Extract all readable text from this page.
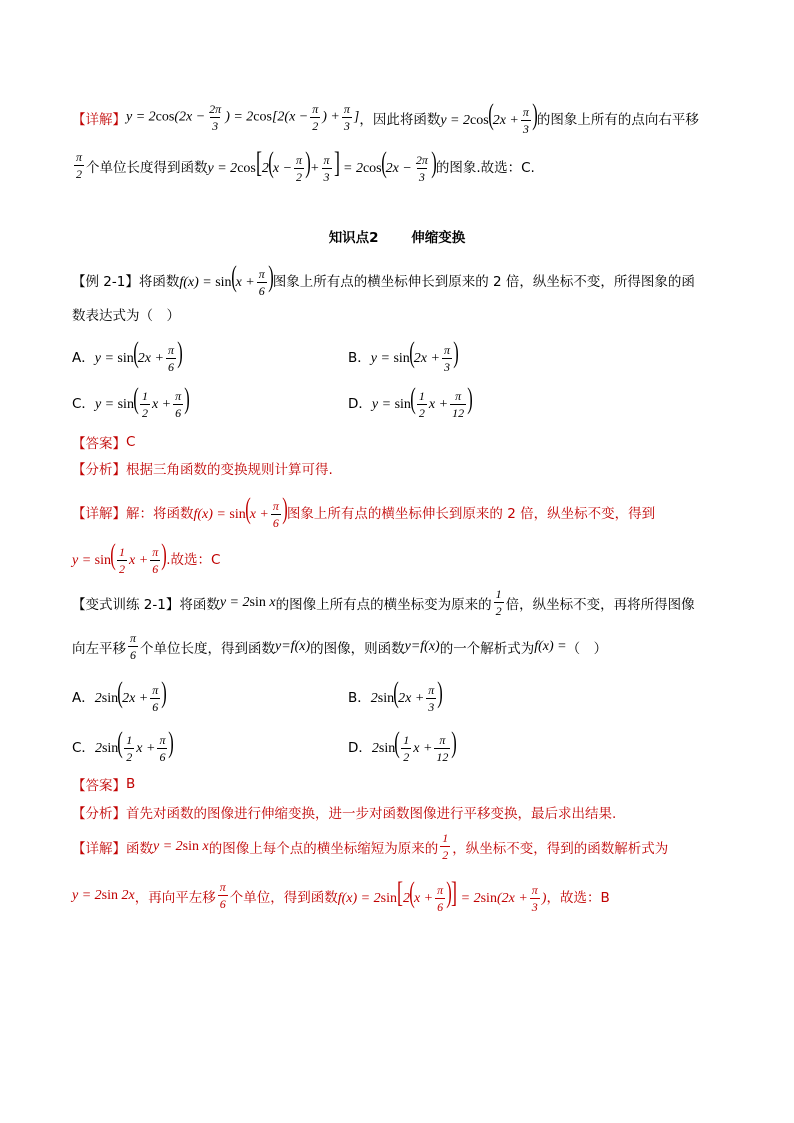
【详解】 $y = 2\cos(2x - \frac{2\pi}{3}$ ) = $2\cos[2(x - \frac{\pi}{2}$ ) + $\frac{\pi}{3}$ ] ，因此将函数 $y = 2\cos(2x + \frac{\pi}{3}$ ) 的图象上所有的点向右平移
$\frac{\pi}{2}$ 个单位长度得到函数 $y = 2\cos[2(x - \frac{\pi}{2}$ )+ $\frac{\pi}{3}$ ] = $2\cos(2x - \frac{2\pi}{3}$ ) 的图象.故选：C.
知识点2 伸缩变换
【例 2-1】 将函数 $f(x) = \sin(x + \frac{\pi}{6}$ ) 图象上所有点的横坐标伸长到原来的 2 倍，纵坐标不变，所得图象的函
数表达式为（　）
A． $y = \sin(2x + \frac{\pi}{6}$ )	B． $y = \sin(2x + \frac{\pi}{3}$ )
C． $y = \sin( \frac{1}{2}$ $x + \frac{\pi}{6}$ )	D． $y = \sin( \frac{1}{2}$ $x + \frac{\pi}{12}$ )
【答案】 C
【分析】 根据三角函数的变换规则计算可得.
【详解】 解：将函数 $f(x) = \sin(x + \frac{\pi}{6}$ ) 图象上所有点的横坐标伸长到原来的 2 倍，纵坐标不变，得到
$y = \sin( \frac{1}{2}$ $x + \frac{\pi}{6}$ ) .故选：C
【变式训练 2-1】 将函数 y = 2sin x 的图像上所有点的横坐标变为原来的 $\frac{1}{2}$ 倍，纵坐标不变，再将所得图像
向左平移 $\frac{\pi}{6}$ 个单位长度，得到函数 y=f(x) 的图像，则函数 y=f(x) 的一个解析式为 f(x) = （　）
A． $2\sin(2x + \frac{\pi}{6}$ )	B． $2\sin(2x + \frac{\pi}{3}$ )
C． $2\sin( \frac{1}{2}$ $x + \frac{\pi}{6}$ )	D． $2\sin( \frac{1}{2}$ $x + \frac{\pi}{12}$ )
【答案】 B
【分析】 首先对函数的图像进行伸缩变换，进一步对函数图像进行平移变换，最后求出结果.
【详解】 函数 y = 2sin x 的图像上每个点的横坐标缩短为原来的 $\frac{1}{2}$ ，纵坐标不变，得到的函数解析式为
y = 2sin 2x ，再向平左移 $\frac{\pi}{6}$ 个单位，得到函数 $f(x) = 2\sin[2(x + \frac{\pi}{6}$ )] = $2\sin(2x + \frac{\pi}{3}$ ) ，故选：B
